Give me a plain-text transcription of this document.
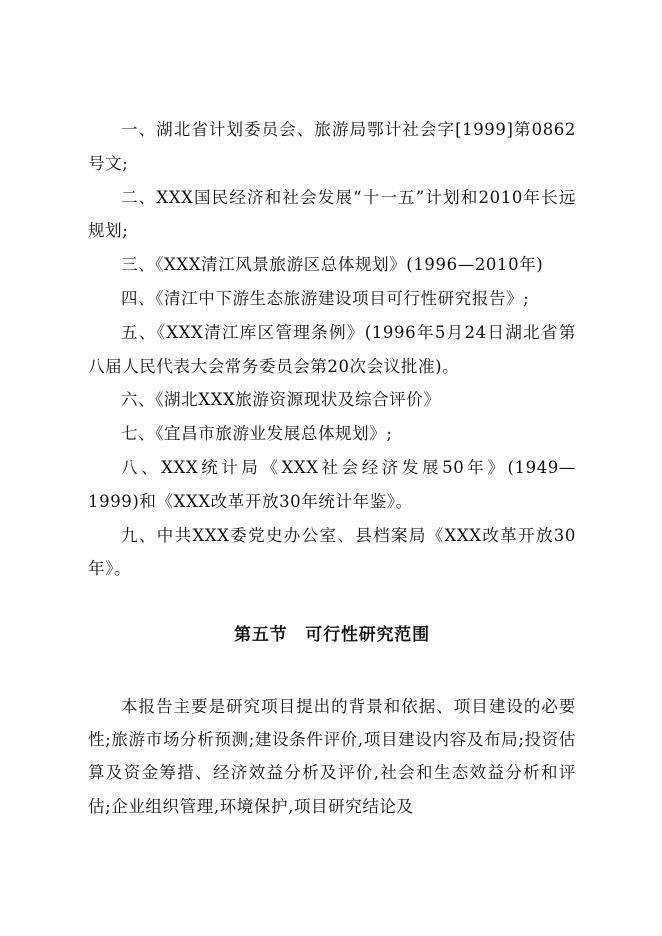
一、湖北省计划委员会、旅游局鄂计社会字[1999]第0862号文;

二、XXX国民经济和社会发展“十一五”计划和2010年长远规划;

三、《XXX清江风景旅游区总体规划》(1996—2010年)

四、《清江中下游生态旅游建设项目可行性研究报告》;

五、《XXX清江库区管理条例》(1996年5月24日湖北省第八届人民代表大会常务委员会第20次会议批准)。

六、《湖北XXX旅游资源现状及综合评价》

七、《宜昌市旅游业发展总体规划》;

八、XXX统计局《XXX社会经济发展50年》(1949—1999)和《XXX改革开放30年统计年鉴》。

九、中共XXX委党史办公室、县档案局《XXX改革开放30年》。

第五节　可行性研究范围

本报告主要是研究项目提出的背景和依据、项目建设的必要性;旅游市场分析预测;建设条件评价,项目建设内容及布局;投资估算及资金筹措、经济效益分析及评价,社会和生态效益分析和评估;企业组织管理,环境保护,项目研究结论及
